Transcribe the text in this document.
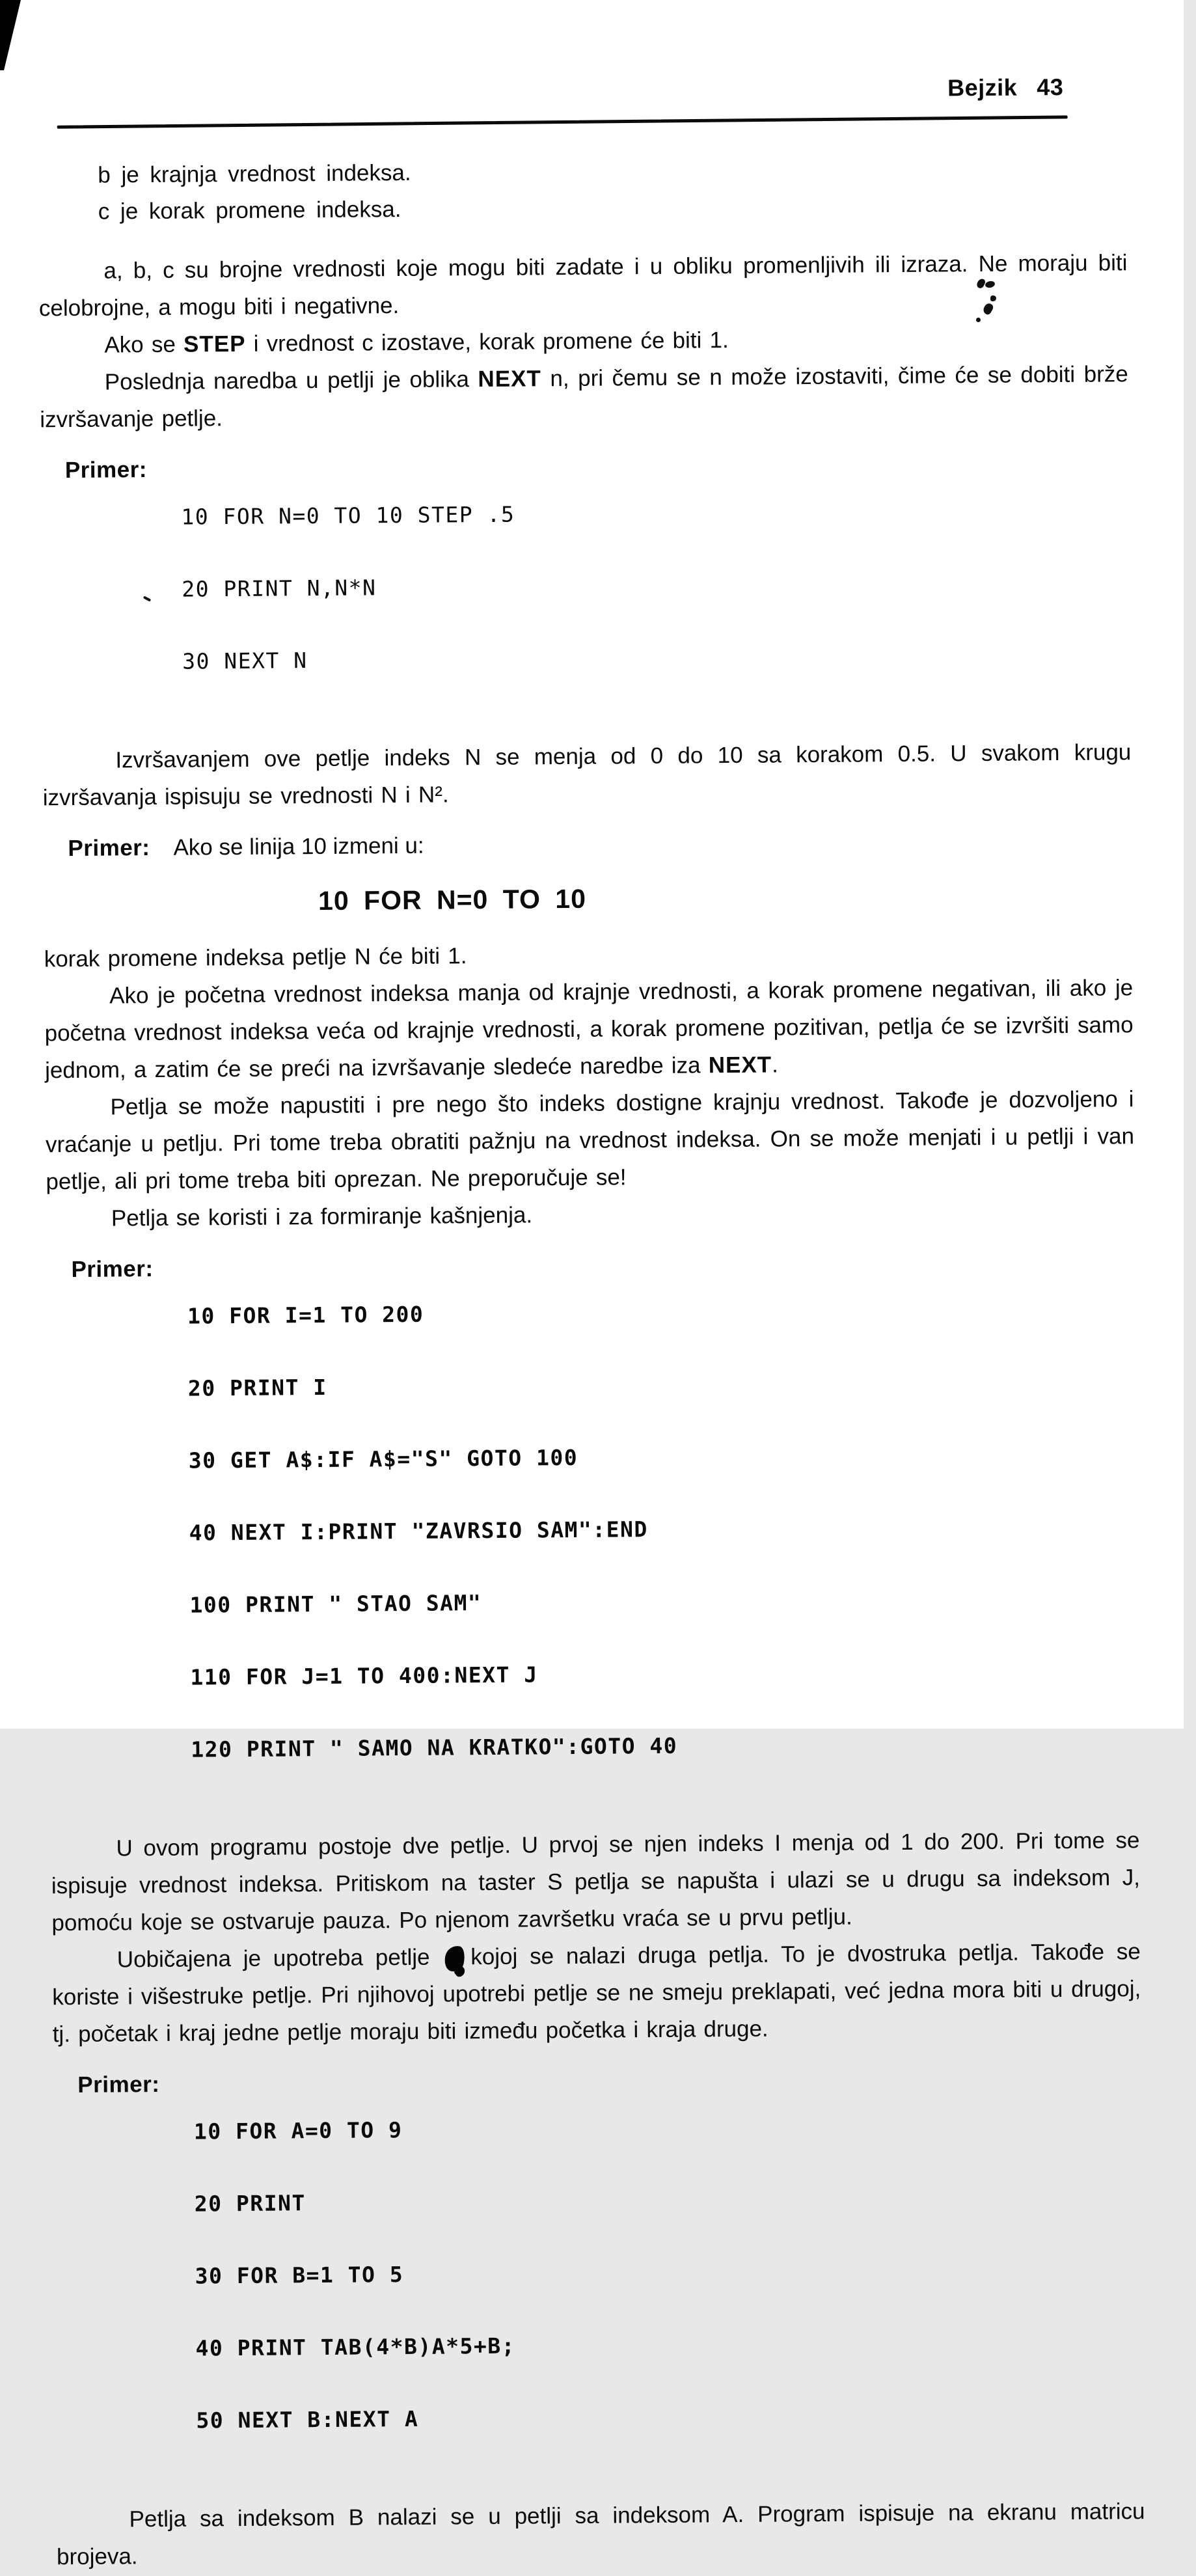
Bejzik 43

b je krajnja vrednost indeksa.

c je korak promene indeksa.

a, b, c su brojne vrednosti koje mogu biti zadate i u obliku promenljivih ili izraza. Ne moraju biti celobrojne, a mogu biti i negativne.

Ako se STEP i vrednost c izostave, korak promene će biti 1.

Poslednja naredba u petlji je oblika NEXT n, pri čemu se n može izostaviti, čime će se dobiti brže izvršavanje petlje.

Primer:

10 FOR N=0 TO 10 STEP .5

20 PRINT N,N*N

30 NEXT N

Izvršavanjem ove petlje indeks N se menja od 0 do 10 sa korakom 0.5. U svakom krugu izvršavanja ispisuju se vrednosti N i N².

Primer: Ako se linija 10 izmeni u:
10 FOR N=0 TO 10

korak promene indeksa petlje N će biti 1.

Ako je početna vrednost indeksa manja od krajnje vrednosti, a korak promene negativan, ili ako je početna vrednost indeksa veća od krajnje vrednosti, a korak promene pozitivan, petlja će se izvršiti samo jednom, a zatim će se preći na izvršavanje sledeće naredbe iza NEXT.

Petlja se može napustiti i pre nego što indeks dostigne krajnju vrednost. Takođe je dozvoljeno i vraćanje u petlju. Pri tome treba obratiti pažnju na vrednost indeksa. On se može menjati i u petlji i van petlje, ali pri tome treba biti oprezan. Ne preporučuje se!

Petlja se koristi i za formiranje kašnjenja.

Primer:

10 FOR I=1 TO 200

20 PRINT I

30 GET A$:IF A$="S" GOTO 100

40 NEXT I:PRINT "ZAVRSIO SAM":END

100 PRINT " STAO SAM"

110 FOR J=1 TO 400:NEXT J

120 PRINT " SAMO NA KRATKO":GOTO 40

U ovom programu postoje dve petlje. U prvoj se njen indeks I menja od 1 do 200. Pri tome se ispisuje vrednost indeksa. Pritiskom na taster S petlja se napušta i ulazi se u drugu sa indeksom J, pomoću koje se ostvaruje pauza. Po njenom završetku vraća se u prvu petlju.

Uobičajena je upotreba petlje kojoj se nalazi druga petlja. To je dvostruka petlja. Takođe se koriste i višestruke petlje. Pri njihovoj upotrebi petlje se ne smeju preklapati, već jedna mora biti u drugoj, tj. početak i kraj jedne petlje moraju biti između početka i kraja druge.

Primer:

10 FOR A=0 TO 9

20 PRINT

30 FOR B=1 TO 5

40 PRINT TAB(4*B)A*5+B;

50 NEXT B:NEXT A

Petlja sa indeksom B nalazi se u petlji sa indeksom A. Program ispisuje na ekranu matricu brojeva.
